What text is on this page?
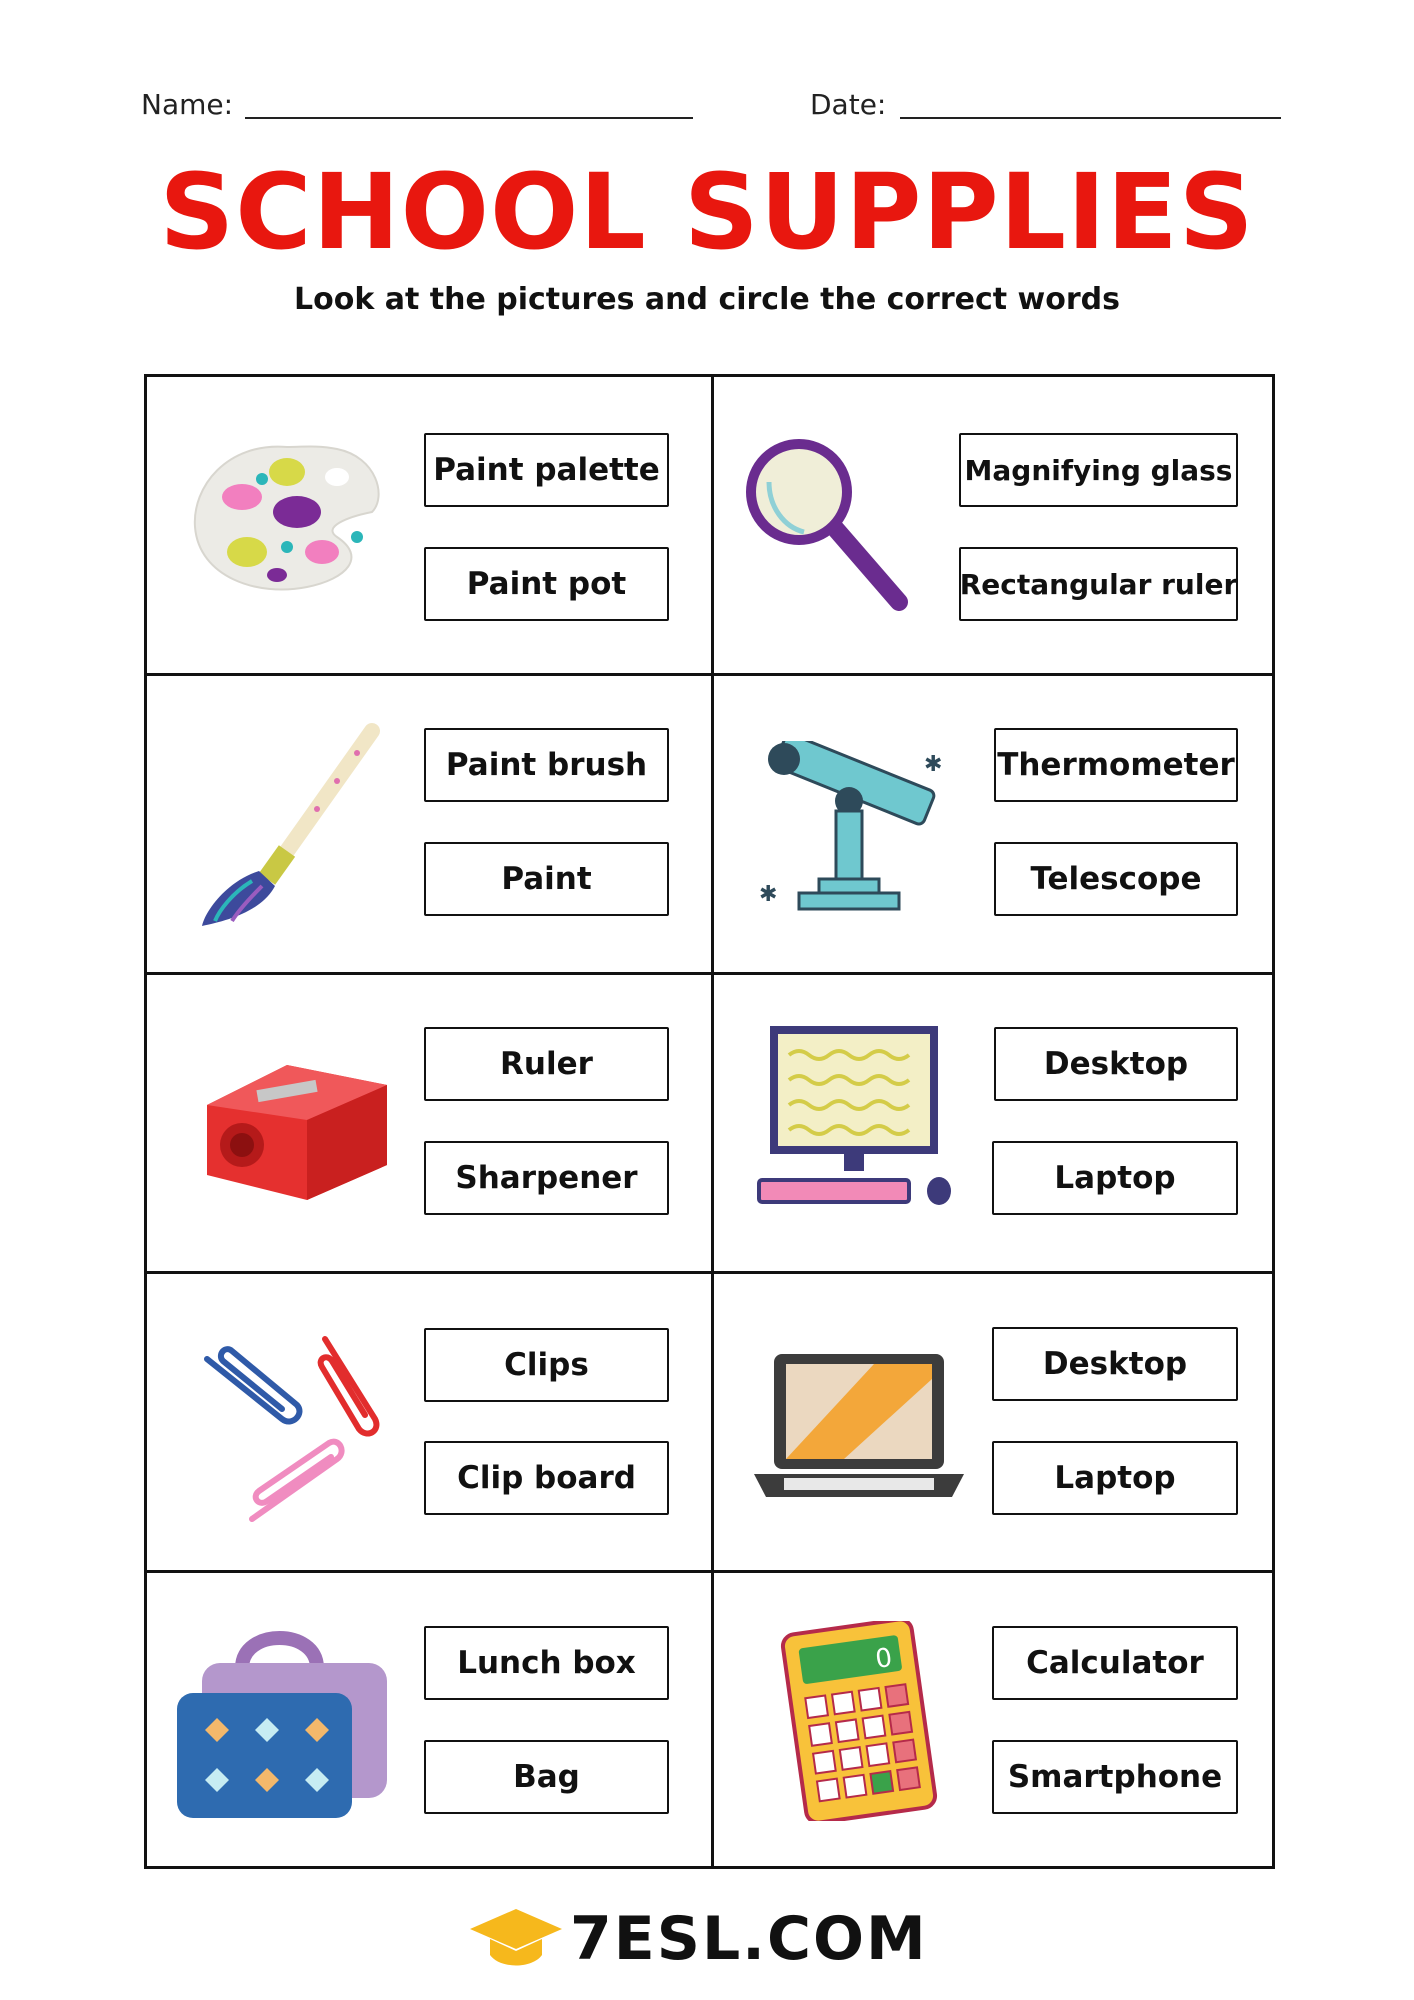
Name:	Date:
SCHOOL SUPPLIES
Look at the pictures and circle the correct words
Paint palette
Paint pot
Magnifying glass
Rectangular ruler
Paint brush
Paint
✱
✱
Thermometer
Telescope
Ruler
Sharpener
Desktop
Laptop
Clips
Clip board
Desktop
Laptop
Lunch box
Bag
0	Calculator
Smartphone
7ESL.COM
